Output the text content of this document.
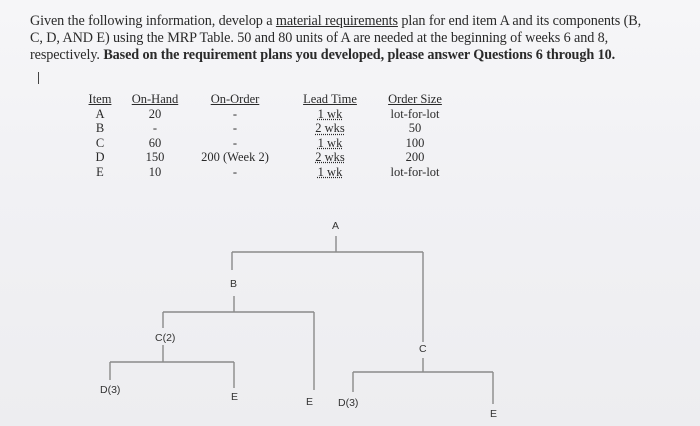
Given the following information, develop a material requirements plan for end item A and its components (B,
C, D, AND E) using the MRP Table. 50 and 80 units of A are needed at the beginning of weeks 6 and 8,
respectively. Based on the requirement plans you developed, please answer Questions 6 through 10.
Item
A
B
C
D
E
On-Hand
20
-
60
150
10
On-Order
-
-
-
200 (Week 2)
-
Lead Time
1 wk
2 wks
1 wk
2 wks
1 wk
Order Size
lot-for-lot
50
100
200
lot-for-lot
A
B
C(2)
C
D(3)
E	E D(3)
E
